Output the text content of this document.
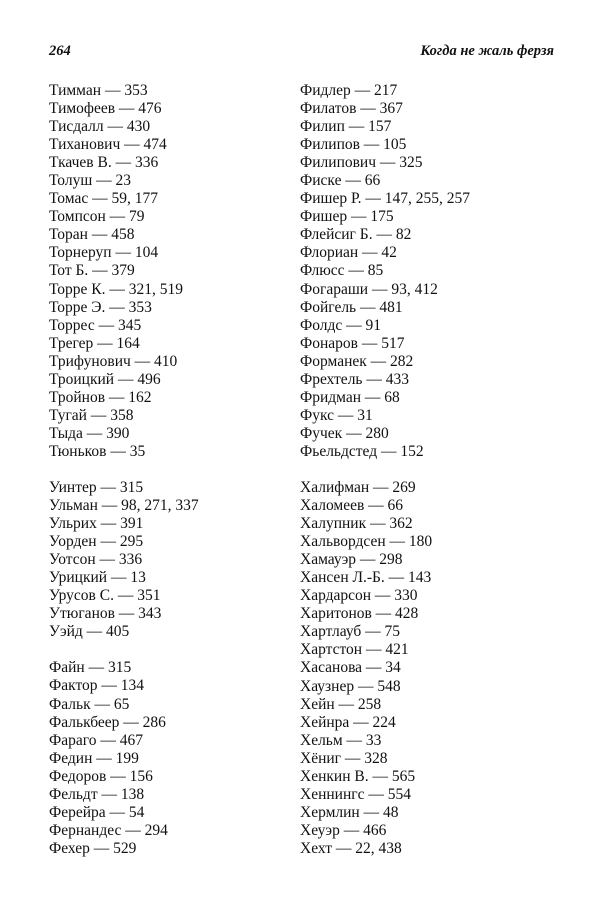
264	Когда не жаль ферзя
Тимман — 353
Тимофеев — 476
Тисдалл — 430
Тиханович — 474
Ткачев В. — 336
Толуш — 23
Томас — 59, 177
Томпсон — 79
Торан — 458
Торнеруп — 104
Тот Б. — 379
Торре К. — 321, 519
Торре Э. — 353
Торрес — 345
Трегер — 164
Трифунович — 410
Троицкий — 496
Тройнов — 162
Тугай — 358
Тыда — 390
Тюньков — 35
Уинтер — 315
Ульман — 98, 271, 337
Ульрих — 391
Уорден — 295
Уотсон — 336
Урицкий — 13
Урусов С. — 351
Утюганов — 343
Уэйд — 405
Файн — 315
Фактор — 134
Фальк — 65
Фалькбеер — 286
Фараго — 467
Федин — 199
Федоров — 156
Фельдт — 138
Ферейра — 54
Фернандес — 294
Фехер — 529
Фидлер — 217
Филатов — 367
Филип — 157
Филипов — 105
Филипович — 325
Фиске — 66
Фишер Р. — 147, 255, 257
Фишер — 175
Флейсиг Б. — 82
Флориан — 42
Флюсс — 85
Фогараши — 93, 412
Фойгель — 481
Фолдс — 91
Фонаров — 517
Форманек — 282
Фрехтель — 433
Фридман — 68
Фукс — 31
Фучек — 280
Фьельдстед — 152
Халифман — 269
Халомеев — 66
Халупник — 362
Хальвордсен — 180
Хамауэр — 298
Хансен Л.-Б. — 143
Хардарсон — 330
Харитонов — 428
Хартлауб — 75
Хартстон — 421
Хасанова — 34
Хаузнер — 548
Хейн — 258
Хейнра — 224
Хельм — 33
Хёниг — 328
Хенкин В. — 565
Хеннингс — 554
Хермлин — 48
Хеуэр — 466
Хехт — 22, 438
